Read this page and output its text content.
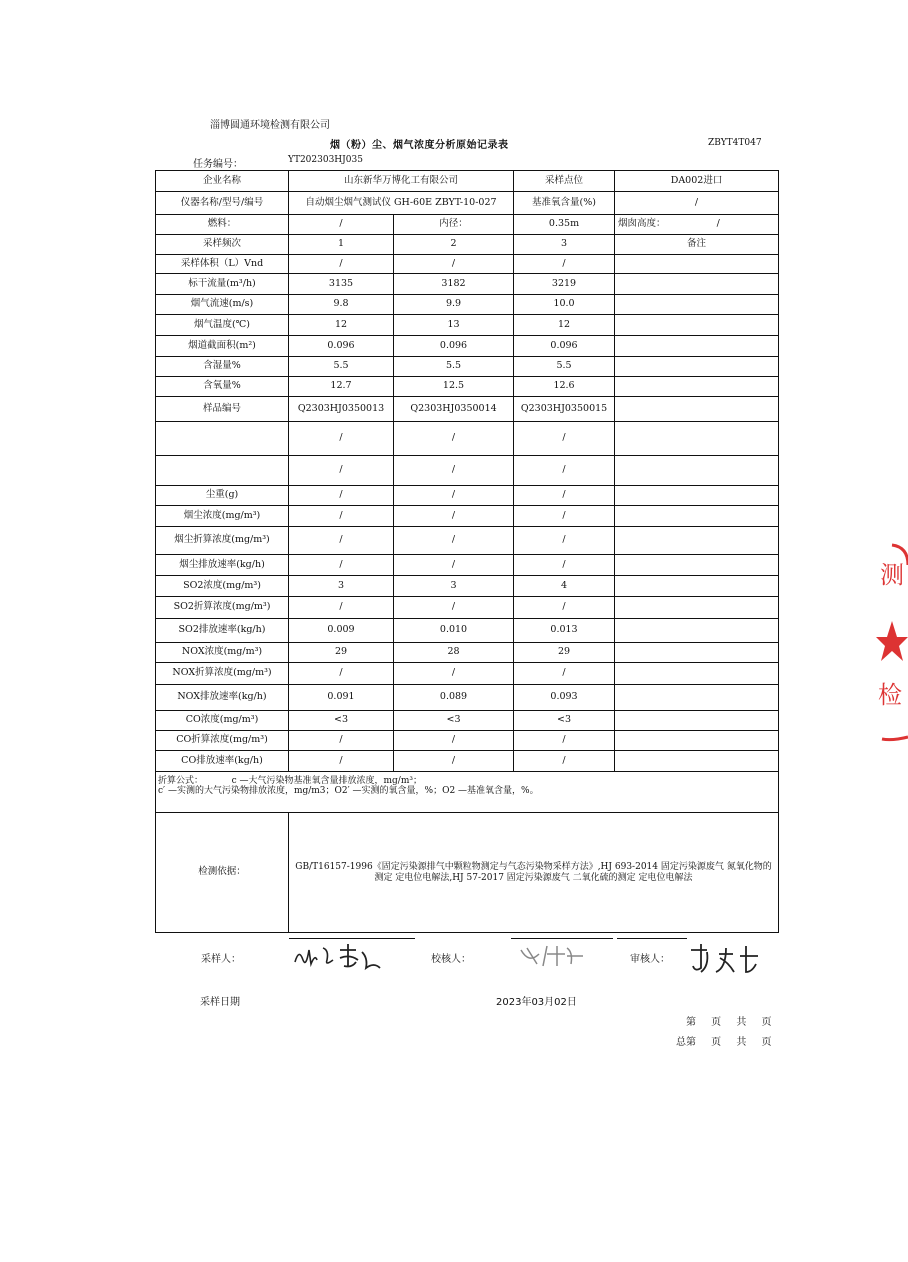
淄博圆通环境检测有限公司
烟（粉）尘、烟气浓度分析原始记录表	ZBYT4T047
任务编号：	YT202303HJ035
企业名称	山东新华万博化工有限公司		采样点位	DA002进口
仪器名称/型号/编号	自动烟尘烟气测试仪 GH-60E ZBYT-10-027		基准氧含量(%)	/
燃料：	/	内径：	0.35m	烟囱高度： /
采样频次	1	2	3	备注
采样体积（L）Vnd	/	/	/	
标干流量(m³/h)	3135	3182	3219	
烟气流速(m/s)	9.8	9.9	10.0	
烟气温度(℃)	12	13	12	
烟道截面积(m²)	0.096	0.096	0.096	
含湿量%	5.5	5.5	5.5	
含氧量%	12.7	12.5	12.6	
样品编号	Q2303HJ0350013	Q2303HJ0350014	Q2303HJ0350015	
	/	/	/	
	/	/	/	
尘重(g)	/	/	/	
烟尘浓度(mg/m³)	/	/	/	
烟尘折算浓度(mg/m³)	/	/	/	
烟尘排放速率(kg/h)	/	/	/	
SO2浓度(mg/m³)	3	3	4	
SO2折算浓度(mg/m³)	/	/	/	
SO2排放速率(kg/h)	0.009	0.010	0.013	
NOX浓度(mg/m³)	29	28	29	
NOX折算浓度(mg/m³)	/	/	/	
NOX排放速率(kg/h)	0.091	0.089	0.093	
CO浓度(mg/m³)	<3	<3	<3	
CO折算浓度(mg/m³)	/	/	/	
CO排放速率(kg/h)	/	/	/	

折算公式：          c —大气污染物基准氧含量排放浓度，mg/m³；
c′ —实测的大气污染物排放浓度，mg/m3；O2′ —实测的氧含量，%；O2 —基准氧含量，%。				

检测依据：	GB/T16157-1996《固定污染源排气中颗粒物测定与气态污染物采样方法》,HJ 693-2014 固定污染源废气 氮氧化物的测定 定电位电解法,HJ 57-2017 固定污染源废气 二氧化硫的测定 定电位电解法			
采样人：	校核人：	审核人：
采样日期	2023年03月02日
第 页 共 页
总第 页 共 页
测
检
